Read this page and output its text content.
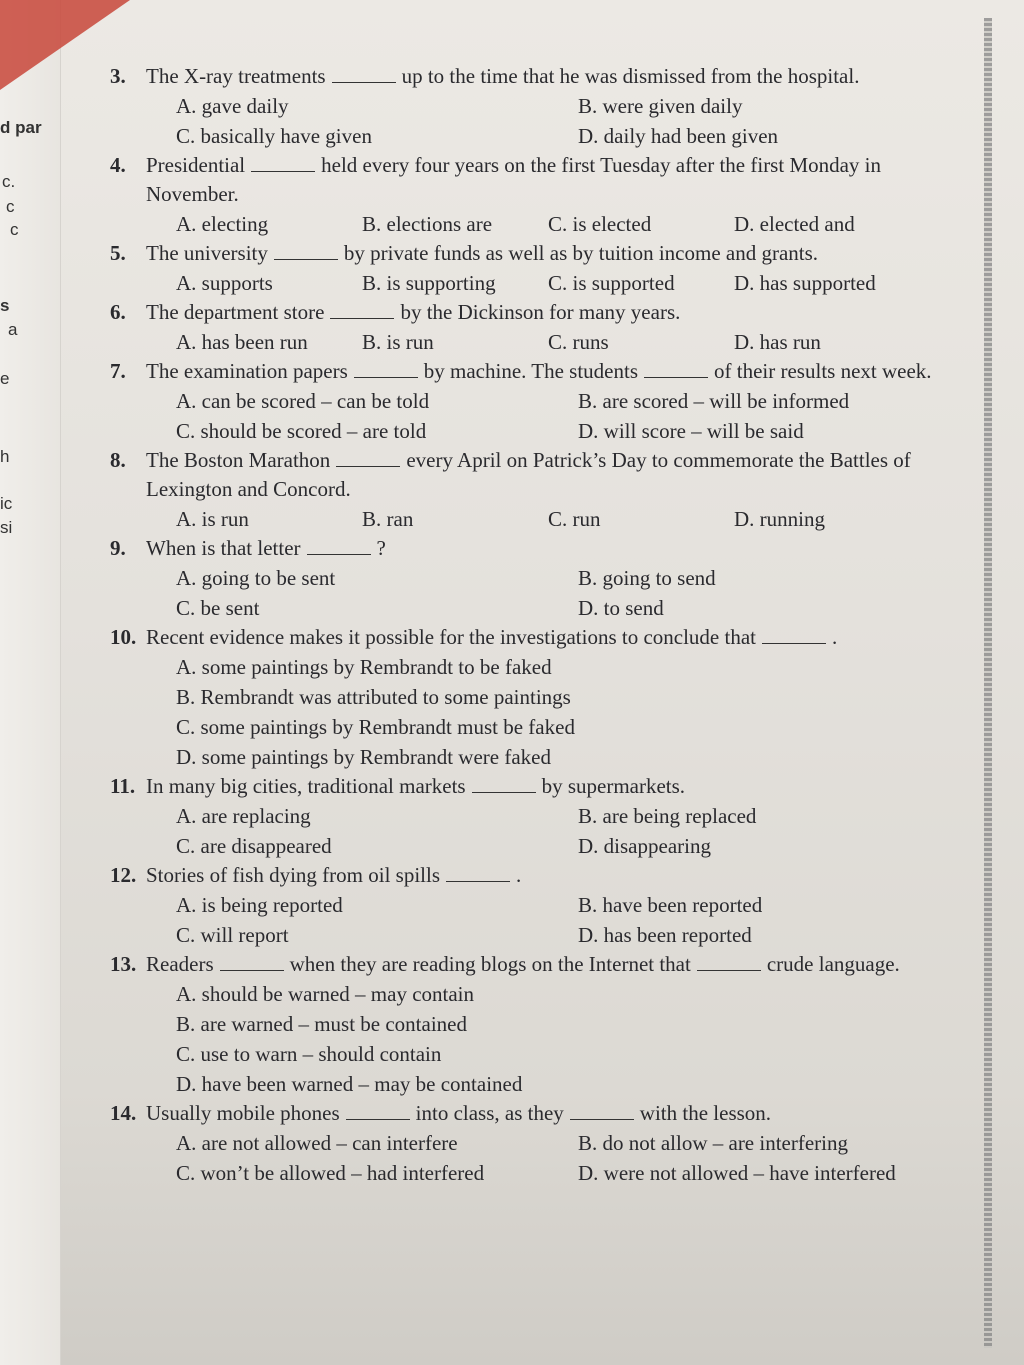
d par
c.
c
c
s
a
e
h
ic
si
3. The X-ray treatments	up to the time that he was dismissed from the hospital.
A. gave daily	B. were given daily
C. basically have given	D. daily had been given
4. Presidential	held every four years on the first Tuesday after the first Monday in November.
A. electing	B. elections are	C. is elected	D. elected and
5. The university	by private funds as well as by tuition income and grants.
A. supports	B. is supporting	C. is supported	D. has supported
6. The department store	by the Dickinson for many years.
A. has been run	B. is run	C. runs	D. has run
7. The examination papers	by machine. The students	of their results next week.
A. can be scored – can be told	B. are scored – will be informed
C. should be scored – are told	D. will score – will be said
8. The Boston Marathon	every April on Patrick’s Day to commemorate the Battles of Lexington and Concord.
A. is run	B. ran	C. run	D. running
9. When is that letter	?
A. going to be sent	B. going to send
C. be sent	D. to send
10. Recent evidence makes it possible for the investigations to conclude that	.
A. some paintings by Rembrandt to be faked
B. Rembrandt was attributed to some paintings
C. some paintings by Rembrandt must be faked
D. some paintings by Rembrandt were faked
11. In many big cities, traditional markets	by supermarkets.
A. are replacing	B. are being replaced
C. are disappeared	D. disappearing
12. Stories of fish dying from oil spills	.
A. is being reported	B. have been reported
C. will report	D. has been reported
13. Readers	when they are reading blogs on the Internet that	crude language.
A. should be warned – may contain
B. are warned – must be contained
C. use to warn – should contain
D. have been warned – may be contained
14. Usually mobile phones	into class, as they	with the lesson.
A. are not allowed – can interfere	B. do not allow – are interfering
C. won’t be allowed – had interfered	D. were not allowed – have interfered
